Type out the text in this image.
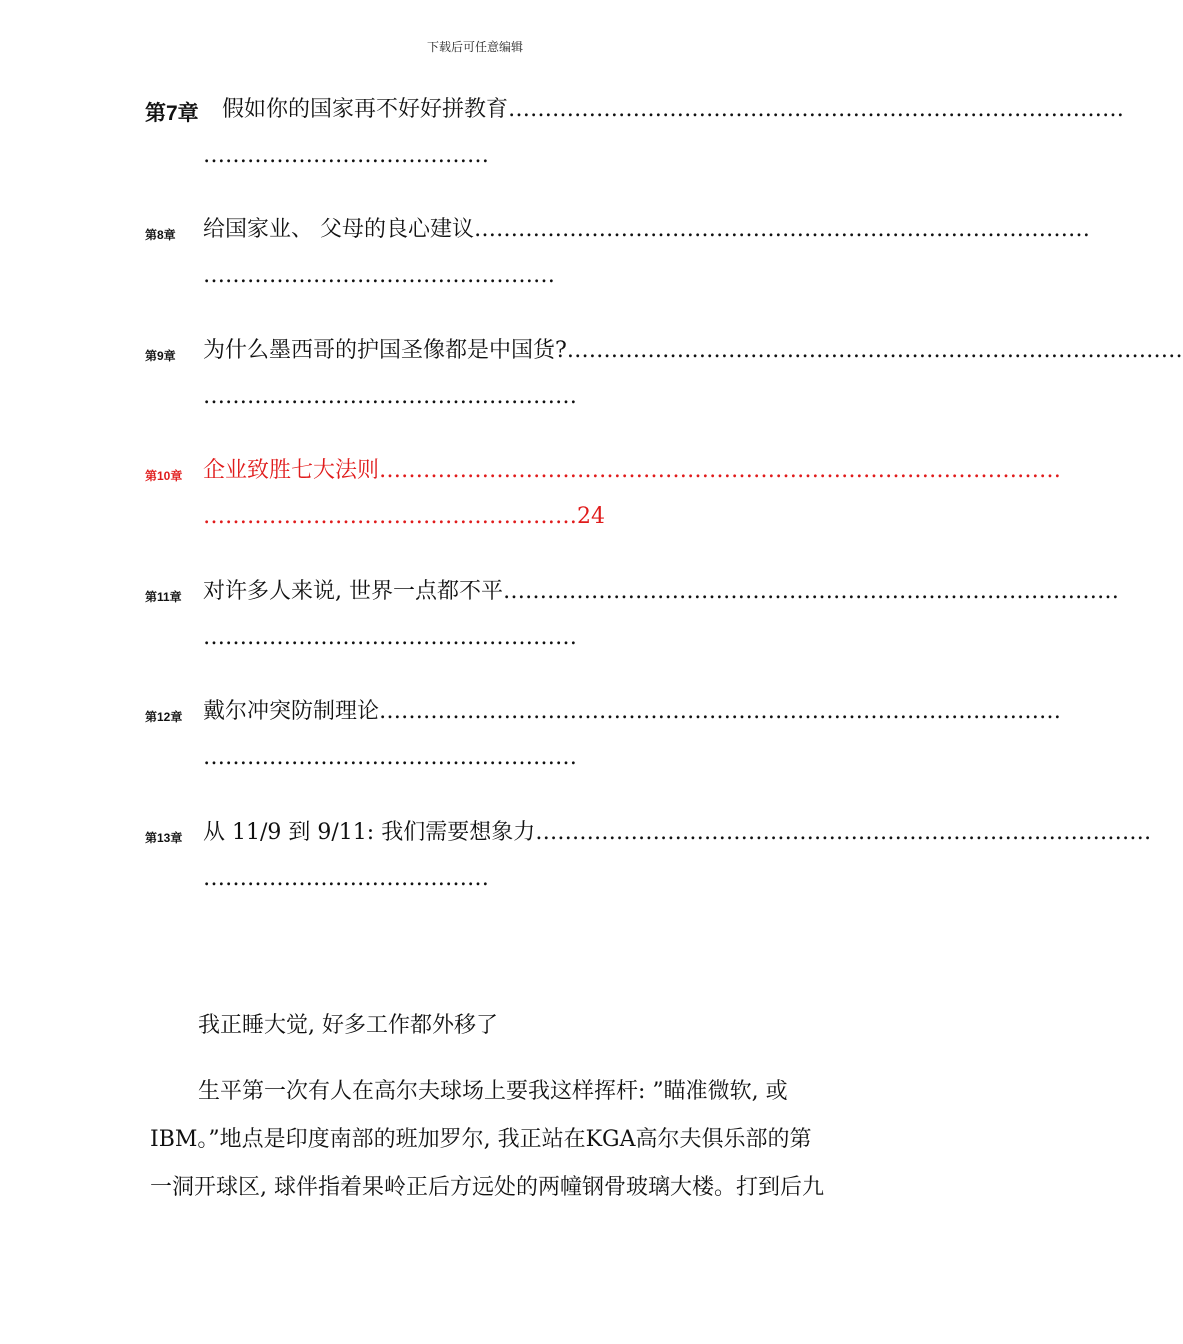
下载后可任意编辑
第7章 假如你的国家再不好好拼教育…………………………………………………………………………
…………………………………
第8章 给国家业、 父母的良心建议…………………………………………………………………………
…………………………………………
第9章 为什么墨西哥的护国圣像都是中国货?…………………………………………………………………………
……………………………………………
第10章 企业致胜七大法则…………………………………………………………………………………
……………………………………………24
第11章 对许多人来说, 世界一点都不平…………………………………………………………………………
……………………………………………
第12章 戴尔冲突防制理论…………………………………………………………………………………
……………………………………………
第13章 从 11/9 到 9/11: 我们需要想象力…………………………………………………………………………
…………………………………
我正睡大觉, 好多工作都外移了
生平第一次有人在高尔夫球场上要我这样挥杆: ”瞄准微软, 或
IBM。”地点是印度南部的班加罗尔, 我正站在KGA高尔夫俱乐部的第
一洞开球区, 球伴指着果岭正后方远处的两幢钢骨玻璃大楼。打到后九
